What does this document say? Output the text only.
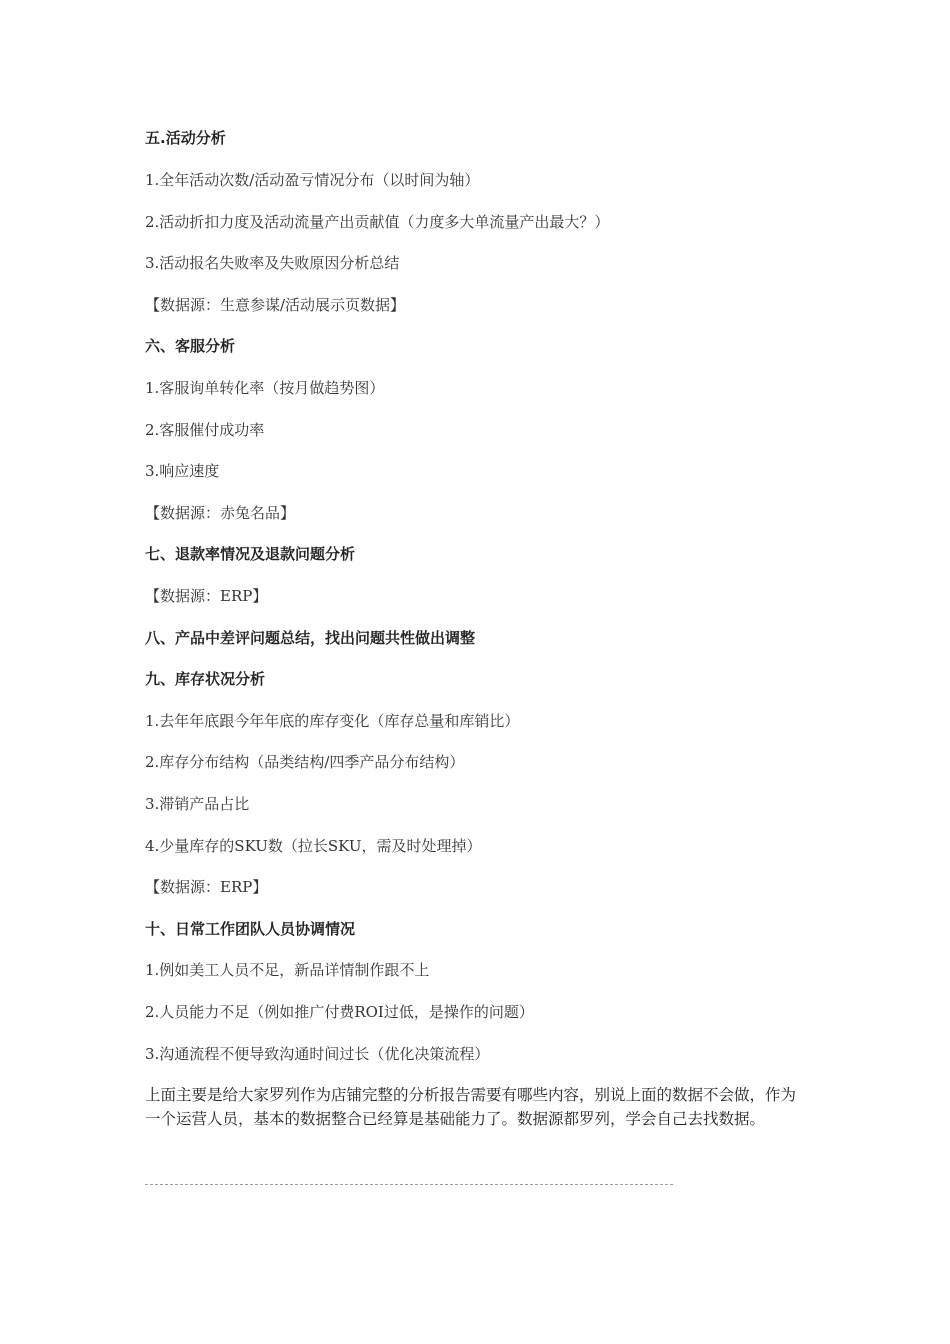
五.活动分析
1.全年活动次数/活动盈亏情况分布（以时间为轴）
2.活动折扣力度及活动流量产出贡献值（力度多大单流量产出最大？）
3.活动报名失败率及失败原因分析总结
【数据源：生意参谋/活动展示页数据】
六、客服分析
1.客服询单转化率（按月做趋势图）
2.客服催付成功率
3.响应速度
【数据源：赤兔名品】
七、退款率情况及退款问题分析
【数据源：ERP】
八、产品中差评问题总结，找出问题共性做出调整
九、库存状况分析
1.去年年底跟今年年底的库存变化（库存总量和库销比）
2.库存分布结构（品类结构/四季产品分布结构）
3.滞销产品占比
4.少量库存的SKU数（拉长SKU，需及时处理掉）
【数据源：ERP】
十、日常工作团队人员协调情况
1.例如美工人员不足，新品详情制作跟不上
2.人员能力不足（例如推广付费ROI过低，是操作的问题）
3.沟通流程不便导致沟通时间过长（优化决策流程）
上面主要是给大家罗列作为店铺完整的分析报告需要有哪些内容，别说上面的数据不会做，作为一个运营人员，基本的数据整合已经算是基础能力了。数据源都罗列，学会自己去找数据。
